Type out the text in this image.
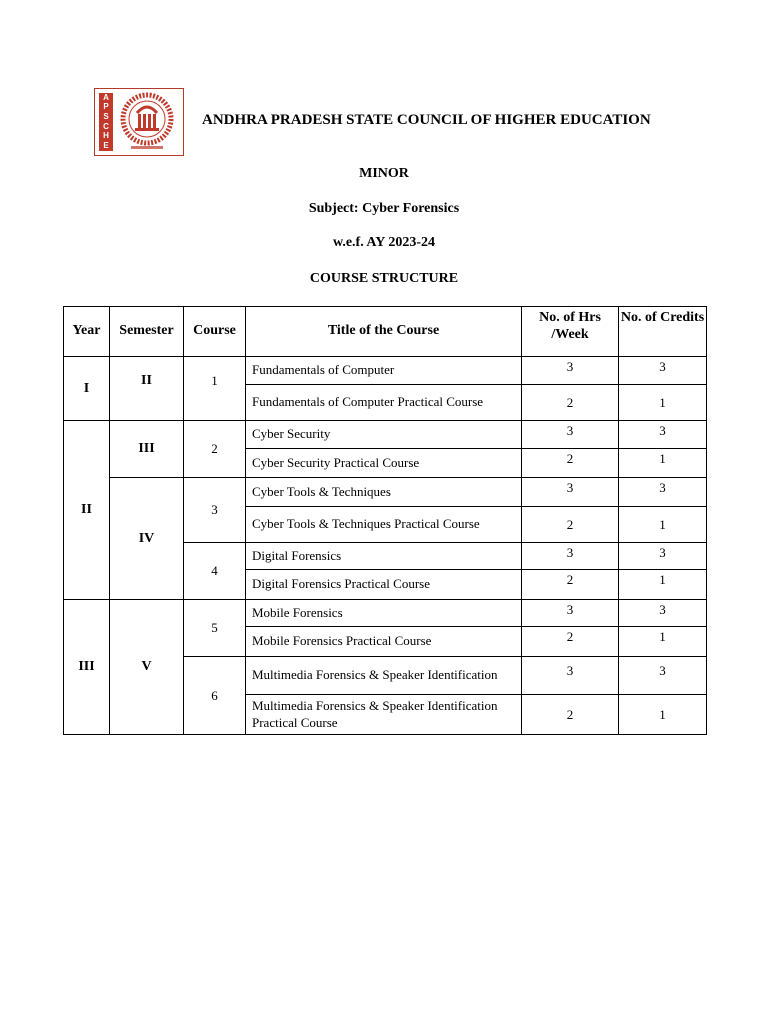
A
P
S
C
H
E
ANDHRA PRADESH STATE COUNCIL OF HIGHER EDUCATION
MINOR
Subject: Cyber Forensics
w.e.f. AY 2023-24
COURSE STRUCTURE
Year	Semester	Course	Title of the Course	No. of Hrs /Week	No. of Credits
I	II	1	Fundamentals of Computer	3	3
			Fundamentals of Computer Practical Course	2	1
II	III	2	Cyber Security	3	3
			Cyber Security Practical Course	2	1
	IV	3	Cyber Tools & Techniques	3	3
			Cyber Tools & Techniques Practical Course	2	1
		4	Digital Forensics	3	3
			Digital Forensics Practical Course	2	1
III	V	5	Mobile Forensics	3	3
			Mobile Forensics Practical Course	2	1
		6	Multimedia Forensics & Speaker Identification	3	3
			Multimedia Forensics & Speaker Identification Practical Course	2	1
